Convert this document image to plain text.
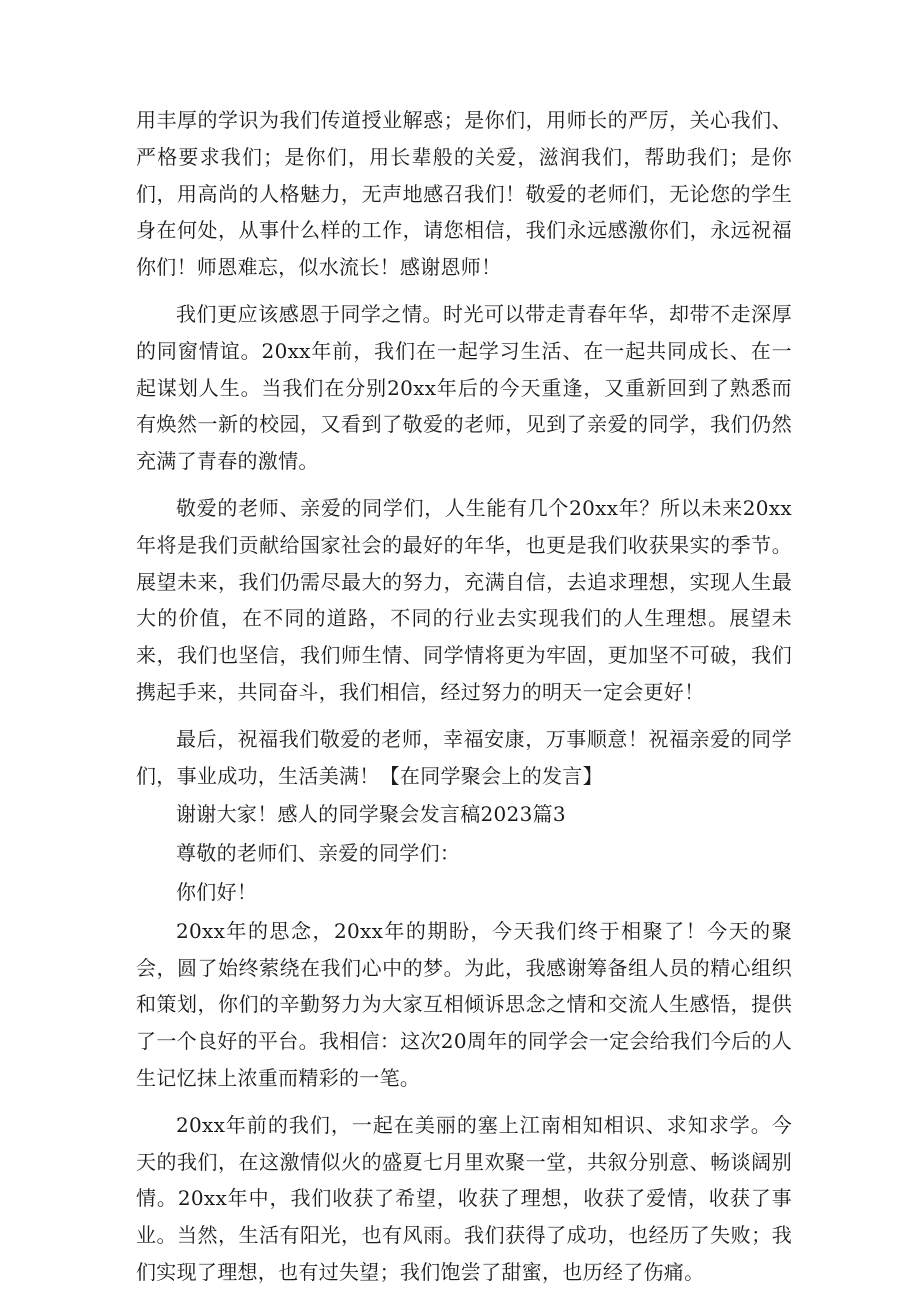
用丰厚的学识为我们传道授业解惑；是你们，用师长的严厉，关心我们、严格要求我们；是你们，用长辈般的关爱，滋润我们，帮助我们；是你们，用高尚的人格魅力，无声地感召我们！敬爱的老师们，无论您的学生身在何处，从事什么样的工作，请您相信，我们永远感激你们，永远祝福你们！师恩难忘，似水流长！感谢恩师！

我们更应该感恩于同学之情。时光可以带走青春年华，却带不走深厚的同窗情谊。20xx年前，我们在一起学习生活、在一起共同成长、在一起谋划人生。当我们在分别20xx年后的今天重逢，又重新回到了熟悉而有焕然一新的校园，又看到了敬爱的老师，见到了亲爱的同学，我们仍然充满了青春的激情。

敬爱的老师、亲爱的同学们，人生能有几个20xx年？所以未来20xx年将是我们贡献给国家社会的最好的年华，也更是我们收获果实的季节。展望未来，我们仍需尽最大的努力，充满自信，去追求理想，实现人生最大的价值，在不同的道路，不同的行业去实现我们的人生理想。展望未来，我们也坚信，我们师生情、同学情将更为牢固，更加坚不可破，我们携起手来，共同奋斗，我们相信，经过努力的明天一定会更好！

最后，祝福我们敬爱的老师，幸福安康，万事顺意！祝福亲爱的同学们，事业成功，生活美满！【在同学聚会上的发言】

谢谢大家！感人的同学聚会发言稿2023篇3

尊敬的老师们、亲爱的同学们：

你们好！

20xx年的思念，20xx年的期盼，今天我们终于相聚了！今天的聚会，圆了始终萦绕在我们心中的梦。为此，我感谢筹备组人员的精心组织和策划，你们的辛勤努力为大家互相倾诉思念之情和交流人生感悟，提供了一个良好的平台。我相信：这次20周年的同学会一定会给我们今后的人生记忆抹上浓重而精彩的一笔。

20xx年前的我们，一起在美丽的塞上江南相知相识、求知求学。今天的我们，在这激情似火的盛夏七月里欢聚一堂，共叙分别意、畅谈阔别情。20xx年中，我们收获了希望，收获了理想，收获了爱情，收获了事业。当然，生活有阳光，也有风雨。我们获得了成功，也经历了失败；我们实现了理想，也有过失望；我们饱尝了甜蜜，也历经了伤痛。
